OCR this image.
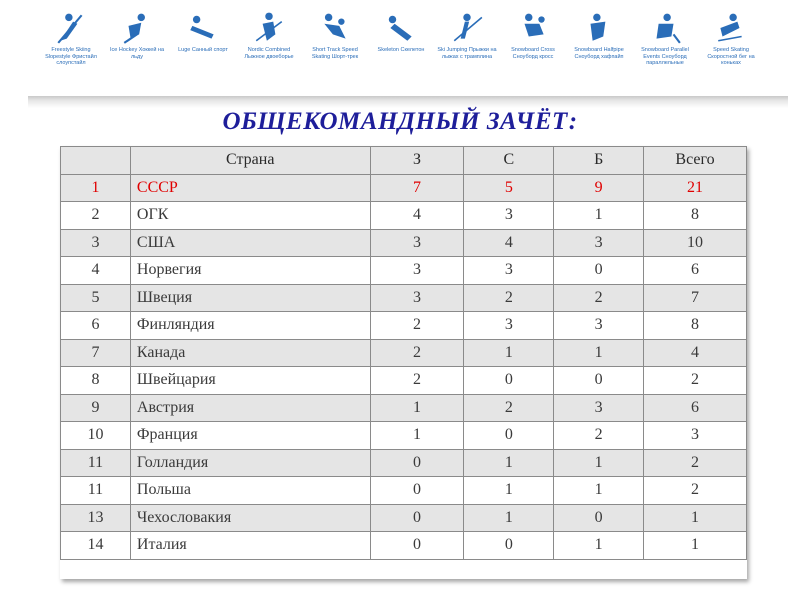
Freestyle Skiing Slopestyle Фристайл слоупстайл
Ice Hockey Хоккей на льду
Luge Санный спорт	Nordic Combined Лыжное двоеборье
Short Track Speed Skating Шорт-трек
Skeleton Скелетон	Ski Jumping Прыжки на лыжах с трамплина
Snowboard Cross Сноуборд кросс
Snowboard Halfpipe Сноуборд хафпайп
Snowboard Parallel Events Сноуборд параллельные
Speed Skating Скоростной бег на коньках
ОБЩЕКОМАНДНЫЙ ЗАЧЁТ:
	Страна	З	С	Б	Всего
1	СССР	7	5	9	21
2	ОГК	4	3	1	8
3	США	3	4	3	10
4	Норвегия	3	3	0	6
5	Швеция	3	2	2	7
6	Финляндия	2	3	3	8
7	Канада	2	1	1	4
8	Швейцария	2	0	0	2
9	Австрия	1	2	3	6
10	Франция	1	0	2	3
11	Голландия	0	1	1	2
11	Польша	0	1	1	2
13	Чехословакия	0	1	0	1
14	Италия	0	0	1	1
